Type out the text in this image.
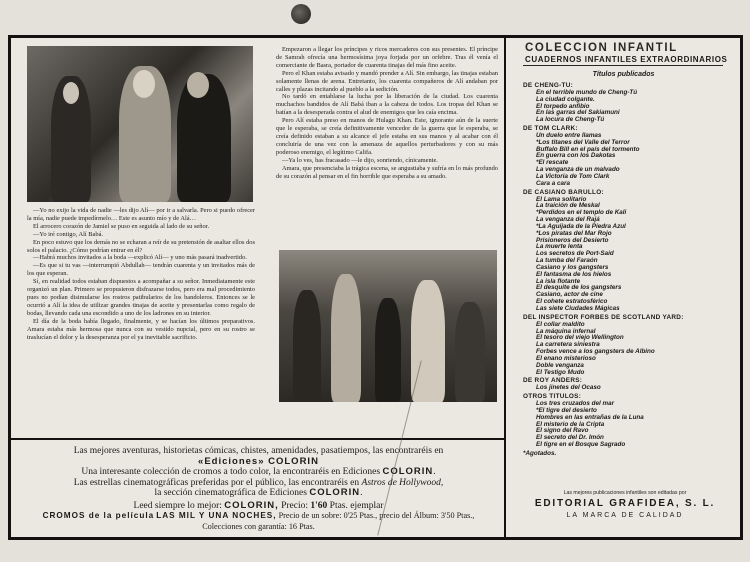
—Yo no exijo la vida de nadie —les dijo Alí— por ir a salvarla. Pero si puedo ofrecer la mía, nadie puede impedírmelo… Este es asunto mío y de Alá…

El arrocero corazón de Jamiel se puso en seguida al lado de su señor.

—Yo iré contigo, Alí Babá.

En poco estuvo que los demás no se echaran a reír de su pretensión de asaltar ellos dos solos el palacio. ¿Cómo podrían entrar en él?

—Habrá muchos invitados a la boda —explicó Alí— y uno más pasará inadvertido.

—Es que si tu vas —interrumpió Abdullah— tendrán cuarenta y un invitados más de los que esperan.

Sí, en realidad todos estaban dispuestos a acompañar a su señor. Inmediatamente este organizó un plan. Primero se propusieron disfrazarse todos, pero era mal procedimiento pues no podían disimularse los rostros patibularios de los bandoleros. Entonces se le ocurrió a Alí la idea de utilizar grandes tinajas de aceite y presentarlas como regalo de bodas, llevando cada una escondido a uno de los ladrones en su interior.

El día de la boda había llegado, finalmente, y se hacían los últimos preparativos. Amara estaba más hermosa que nunca con su vestido nupcial, pero en su rostro se traslucían el dolor y la desesperanza por el ya inevitable sacrificio.

Empezaron a llegar los príncipes y ricos mercaderes con sus presentes. El príncipe de Samrah ofrecía una hermosísima joya forjada por un orfebre. Tras él venía el comerciante de Basra, portador de cuarenta tinajas del más fino aceite.

Pero el Khan estaba avisado y mandó prender a Alí. Sin embargo, las tinajas estaban solamente llenas de arena. Entretanto, los cuarenta compañeros de Alí andaban por calles y plazas incitando al pueblo a la sedición.

No tardó en entablarse la lucha por la liberación de la ciudad. Los cuarenta muchachos bandidos de Alí Babá iban a la cabeza de todos. Los tropas del Khan se batían a la desesperada contra el alud de enemigos que les caía encima.

Pero Alí estaba preso en manos de Hulagu Khan. Este, ignorante aún de la suerte que le esperaba, se creía definitivamente vencedor de la guerra que le esperaba, se creía definido estaban a su alcance el jefe estaba en sus manos y al acabar con él concluiría de una vez con la amenaza de aquellos perturbadores y con su más poderoso enemigo, el legítimo Califa.

—Ya lo ves, has fracasado —le dijo, sonriendo, cínicamente.

Amara, que presenciaba la trágica escena, se angustiaba y sufría en lo más profundo de su corazón al pensar en el fin horrible que esperaba a su amado.

Las mejores aventuras, historietas cómicas, chistes, amenidades, pasatiempos, las encontraréis en
«Ediciones» COLORIN
Una interesante colección de cromos a todo color, la encontraréis en Ediciones COLORIN.
Las estrellas cinematográficas preferidas por el público, las encontraréis en Astros de Hollywood,
la sección cinematográfica de Ediciones COLORIN.
Leed siempre lo mejor: COLORIN, Precio: 1'60 Ptas. ejemplar
CROMOS de la película LAS MIL Y UNA NOCHES, Precio de un sobre: 0'25 Ptas., precio del Álbum: 3'50 Ptas.,
Colecciones con garantía: 16 Ptas.
COLECCION INFANTIL
CUADERNOS INFANTILES EXTRAORDINARIOS
Títulos publicados
DE CHENG-TU:
En el terrible mundo de Cheng-Tú
La ciudad colgante.
El torpedo anfibio
En las garras del Sakiamuni
La locura de Cheng-Tú
DE TOM CLARK:
Un duelo entre llamas
*Los titanes del Valle del Terror
Buffalo Bill en el país del tormento
En guerra con los Dakotas
*El rescate
La venganza de un malvado
La Victoria de Tom Clark
Cara a cara
DE CASIANO BARULLO:
El Lama solitario
La traición de Meskal
*Perdidos en el templo de Kali
La venganza del Rajá
*La Aguijada de la Piedra Azul
*Los piratas del Mar Rojo
Prisioneros del Desierto
La muerte lenta
Los secretos de Port-Said
La tumba del Faraón
Casiano y los gangsters
El fantasma de los hielos
La isla flotante
El desquite de los gangsters
Casiano, actor de cine
El cohete estratosférico
Las siete Ciudades Mágicas
DEL INSPECTOR FORBES DE SCOTLAND YARD:
El collar maldito
La máquina infernal
El tesoro del viejo Wellington
La carretera siniestra
Forbes vence a los gangsters de Albino
El enano misterioso
Doble venganza
El Testigo Mudo
DE ROY ANDERS:
Los jinetes del Ocaso
OTROS TITULOS:
Los tres cruzados del mar
*El tigre del desierto
Hombres en las entrañas de la Luna
El misterio de la Cripta
El signo del Ravo
El secreto del Dr. Imón
El tigre en el Bosque Sagrado
*Agotados.
Las mejores publicaciones infantiles son editadas por
EDITORIAL GRAFIDEA, S. L.
LA MARCA DE CALIDAD
